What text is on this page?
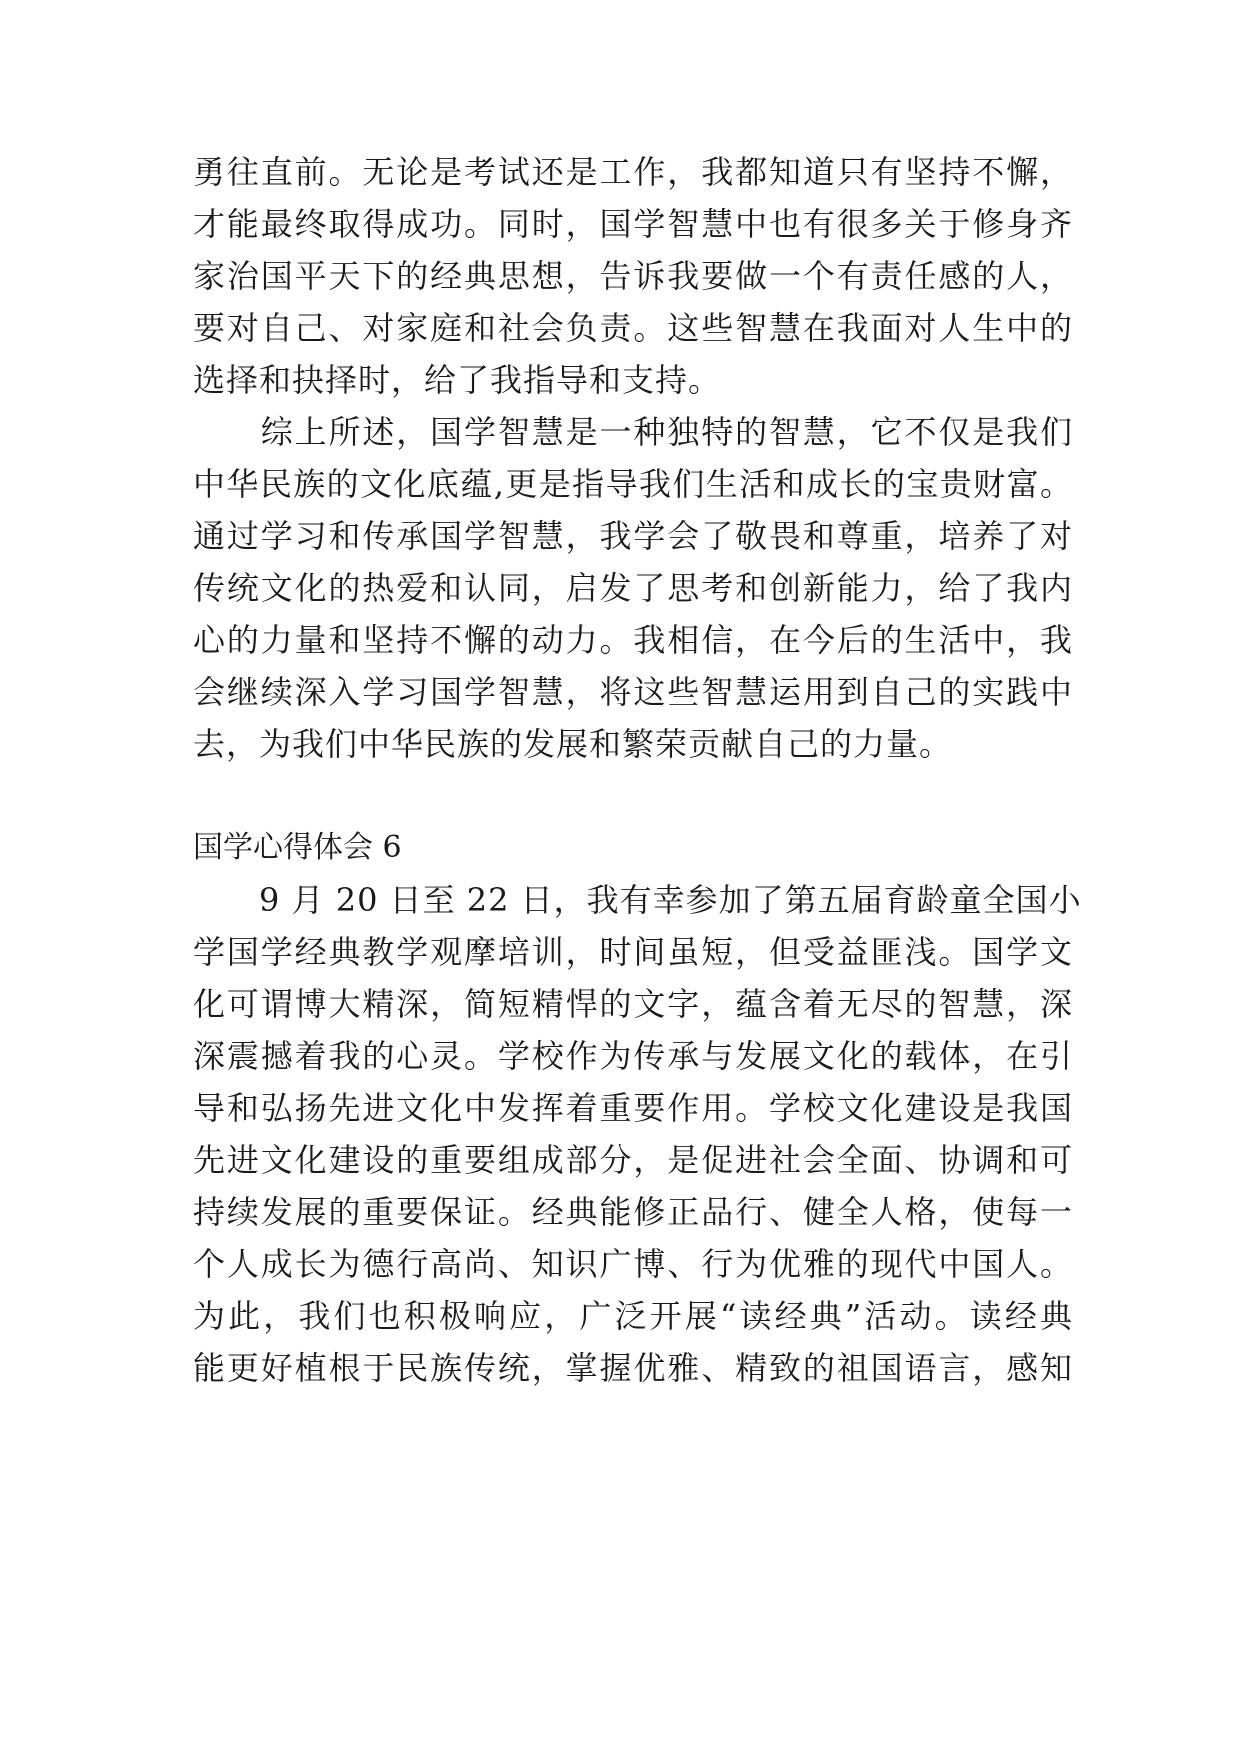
勇往直前。无论是考试还是工作，我都知道只有坚持不懈，
才能最终取得成功。同时，国学智慧中也有很多关于修身齐
家治国平天下的经典思想，告诉我要做一个有责任感的人，
要对自己、对家庭和社会负责。这些智慧在我面对人生中的
选择和抉择时，给了我指导和支持。
　　综上所述，国学智慧是一种独特的智慧，它不仅是我们
中华民族的文化底蕴,更是指导我们生活和成长的宝贵财富。
通过学习和传承国学智慧，我学会了敬畏和尊重，培养了对
传统文化的热爱和认同，启发了思考和创新能力，给了我内
心的力量和坚持不懈的动力。我相信，在今后的生活中，我
会继续深入学习国学智慧，将这些智慧运用到自己的实践中
去，为我们中华民族的发展和繁荣贡献自己的力量。
国学心得体会 6
　　9 月 20 日至 22 日，我有幸参加了第五届育龄童全国小
学国学经典教学观摩培训，时间虽短，但受益匪浅。国学文
化可谓博大精深，简短精悍的文字，蕴含着无尽的智慧，深
深震撼着我的心灵。学校作为传承与发展文化的载体，在引
导和弘扬先进文化中发挥着重要作用。学校文化建设是我国
先进文化建设的重要组成部分，是促进社会全面、协调和可
持续发展的重要保证。经典能修正品行、健全人格，使每一
个人成长为德行高尚、知识广博、行为优雅的现代中国人。
为此，我们也积极响应，广泛开展“读经典”活动。读经典
能更好植根于民族传统，掌握优雅、精致的祖国语言，感知
